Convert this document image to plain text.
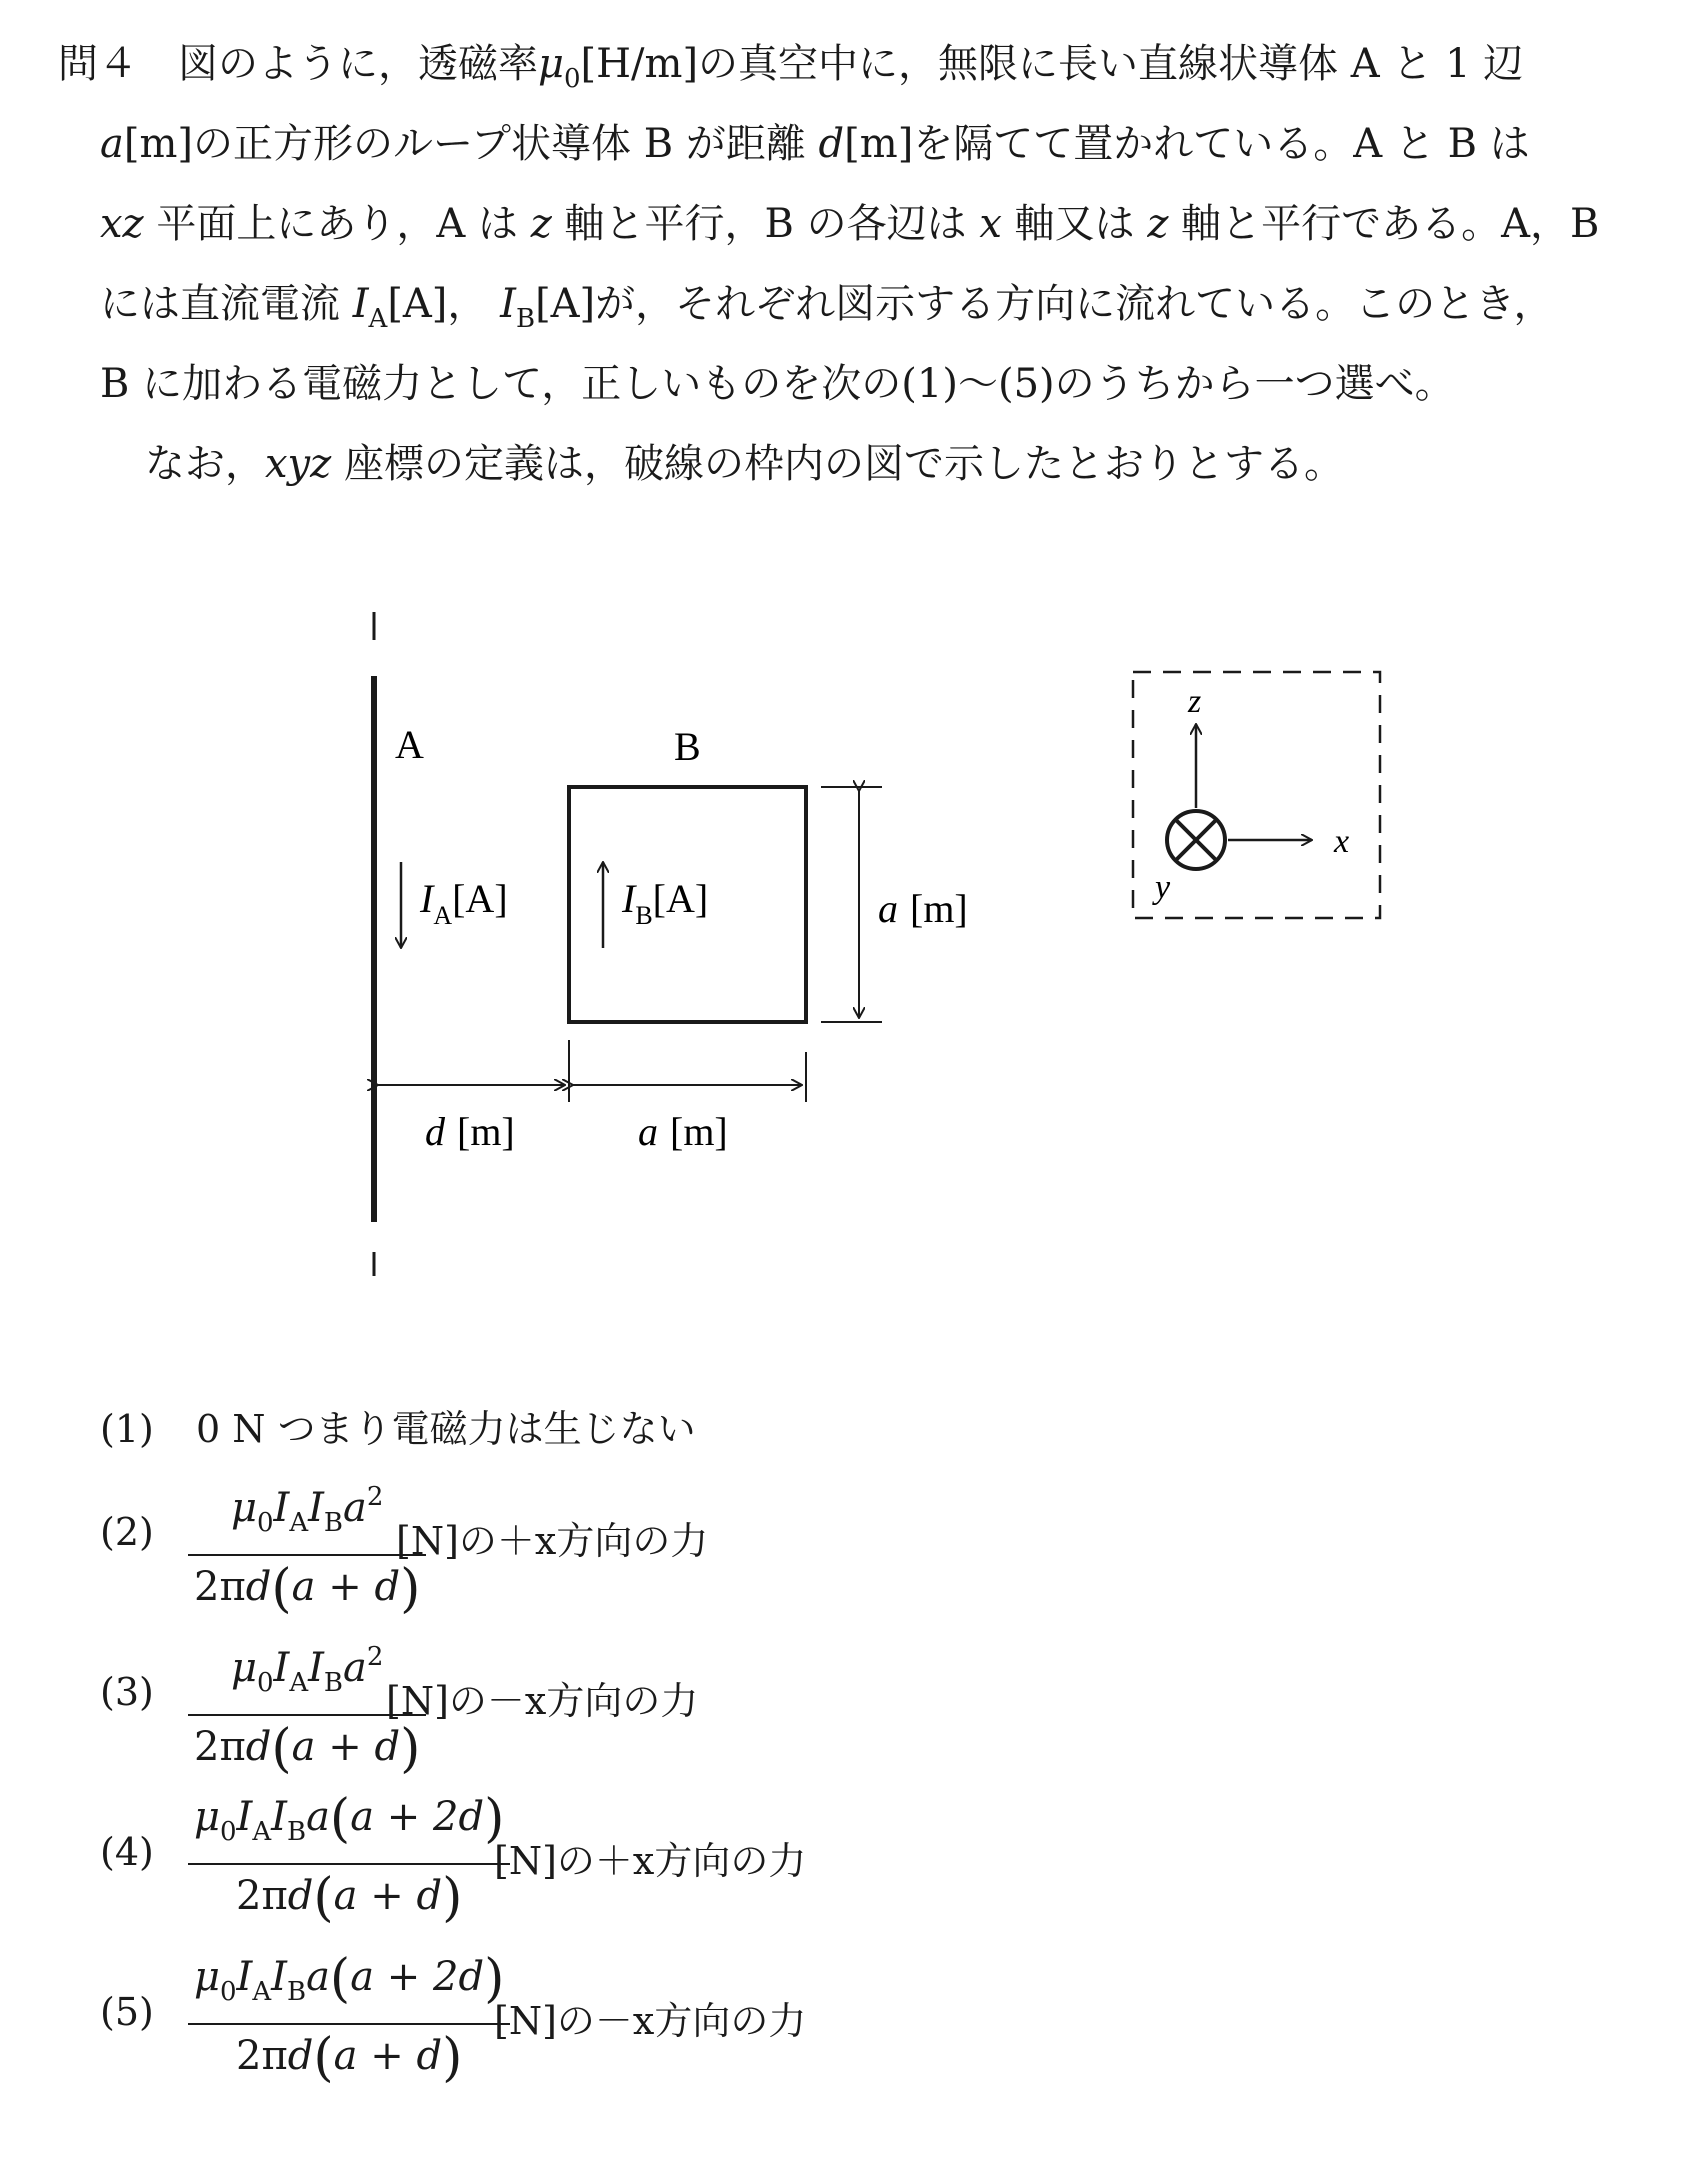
問４ 図のように，透磁率$\mu_0[H/m]$の真空中に，無限に長い直線状導体 A と 1 辺
a[m]の正方形のループ状導体 B が距離 d[m]を隔てて置かれている。A と B は
xz 平面上にあり，A は z 軸と平行，B の各辺は x 軸又は z 軸と平行である。A，B
には直流電流 $I_A[A]$， $I_B[A]$が，それぞれ図示する方向に流れている。このとき，
B に加わる電磁力として，正しいものを次の(1)～(5)のうちから一つ選べ。
なお，xyz 座標の定義は，破線の枠内の図で示したとおりとする。
A
$I_A[A]$
B
$I_B[A]$	a [m]
d [m]	a [m]
z
x
y
(1) 0 N つまり電磁力は生じない
(2)
$\mu_0I_AI_Ba^2$
2πd(a + d)
[N]の＋x方向の力
(3)
$\mu_0I_AI_Ba^2$
2πd(a + d)
[N]の－x方向の力
(4)
$\mu_0I_AI_Ba(a + 2d)$
2πd(a + d)
[N]の＋x方向の力
(5)
$\mu_0I_AI_Ba(a + 2d)$
2πd(a + d)
[N]の－x方向の力
